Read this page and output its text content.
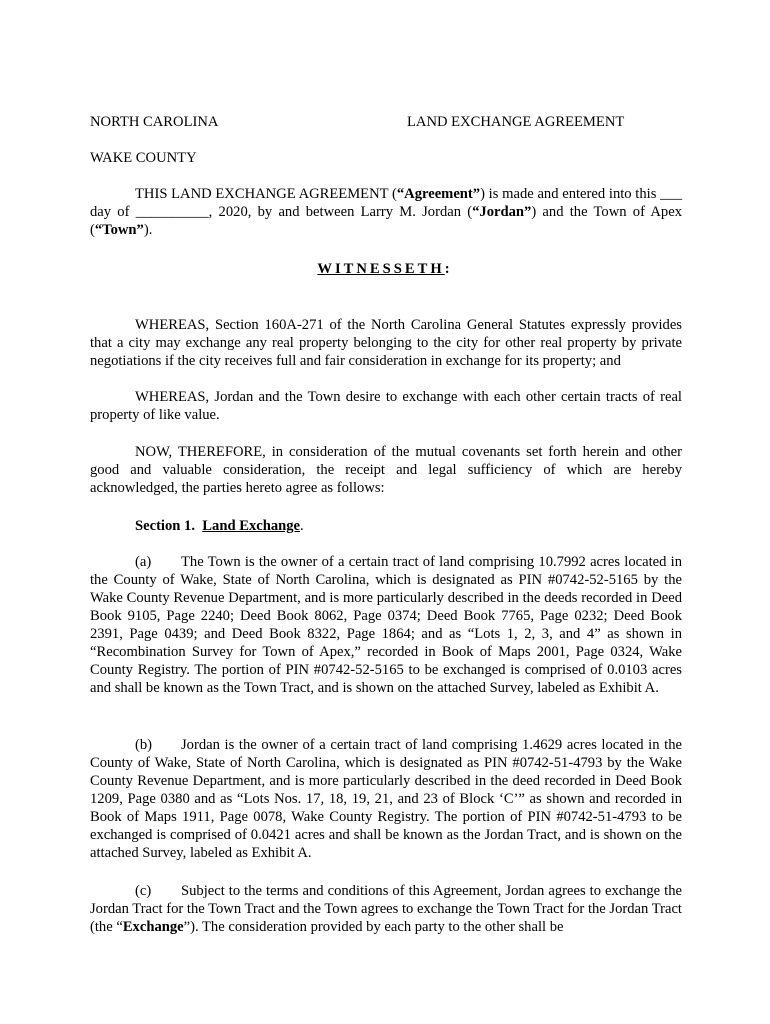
NORTH CAROLINA	LAND EXCHANGE AGREEMENT
WAKE COUNTY
THIS LAND EXCHANGE AGREEMENT (“Agreement”) is made and entered into this ___ day of __________, 2020, by and between Larry M. Jordan (“Jordan”) and the Town of Apex (“Town”).
WITNESSETH:
WHEREAS, Section 160A-271 of the North Carolina General Statutes expressly provides that a city may exchange any real property belonging to the city for other real property by private negotiations if the city receives full and fair consideration in exchange for its property; and
WHEREAS, Jordan and the Town desire to exchange with each other certain tracts of real property of like value.
NOW, THEREFORE, in consideration of the mutual covenants set forth herein and other good and valuable consideration, the receipt and legal sufficiency of which are hereby acknowledged, the parties hereto agree as follows:
Section 1. Land Exchange.
(a) The Town is the owner of a certain tract of land comprising 10.7992 acres located in the County of Wake, State of North Carolina, which is designated as PIN #0742-52-5165 by the Wake County Revenue Department, and is more particularly described in the deeds recorded in Deed Book 9105, Page 2240; Deed Book 8062, Page 0374; Deed Book 7765, Page 0232; Deed Book 2391, Page 0439; and Deed Book 8322, Page 1864; and as “Lots 1, 2, 3, and 4” as shown in “Recombination Survey for Town of Apex,” recorded in Book of Maps 2001, Page 0324, Wake County Registry. The portion of PIN #0742-52-5165 to be exchanged is comprised of 0.0103 acres and shall be known as the Town Tract, and is shown on the attached Survey, labeled as Exhibit A.
(b) Jordan is the owner of a certain tract of land comprising 1.4629 acres located in the County of Wake, State of North Carolina, which is designated as PIN #0742-51-4793 by the Wake County Revenue Department, and is more particularly described in the deed recorded in Deed Book 1209, Page 0380 and as “Lots Nos. 17, 18, 19, 21, and 23 of Block ‘C’” as shown and recorded in Book of Maps 1911, Page 0078, Wake County Registry. The portion of PIN #0742-51-4793 to be exchanged is comprised of 0.0421 acres and shall be known as the Jordan Tract, and is shown on the attached Survey, labeled as Exhibit A.
(c) Subject to the terms and conditions of this Agreement, Jordan agrees to exchange the Jordan Tract for the Town Tract and the Town agrees to exchange the Town Tract for the Jordan Tract (the “Exchange”). The consideration provided by each party to the other shall be
